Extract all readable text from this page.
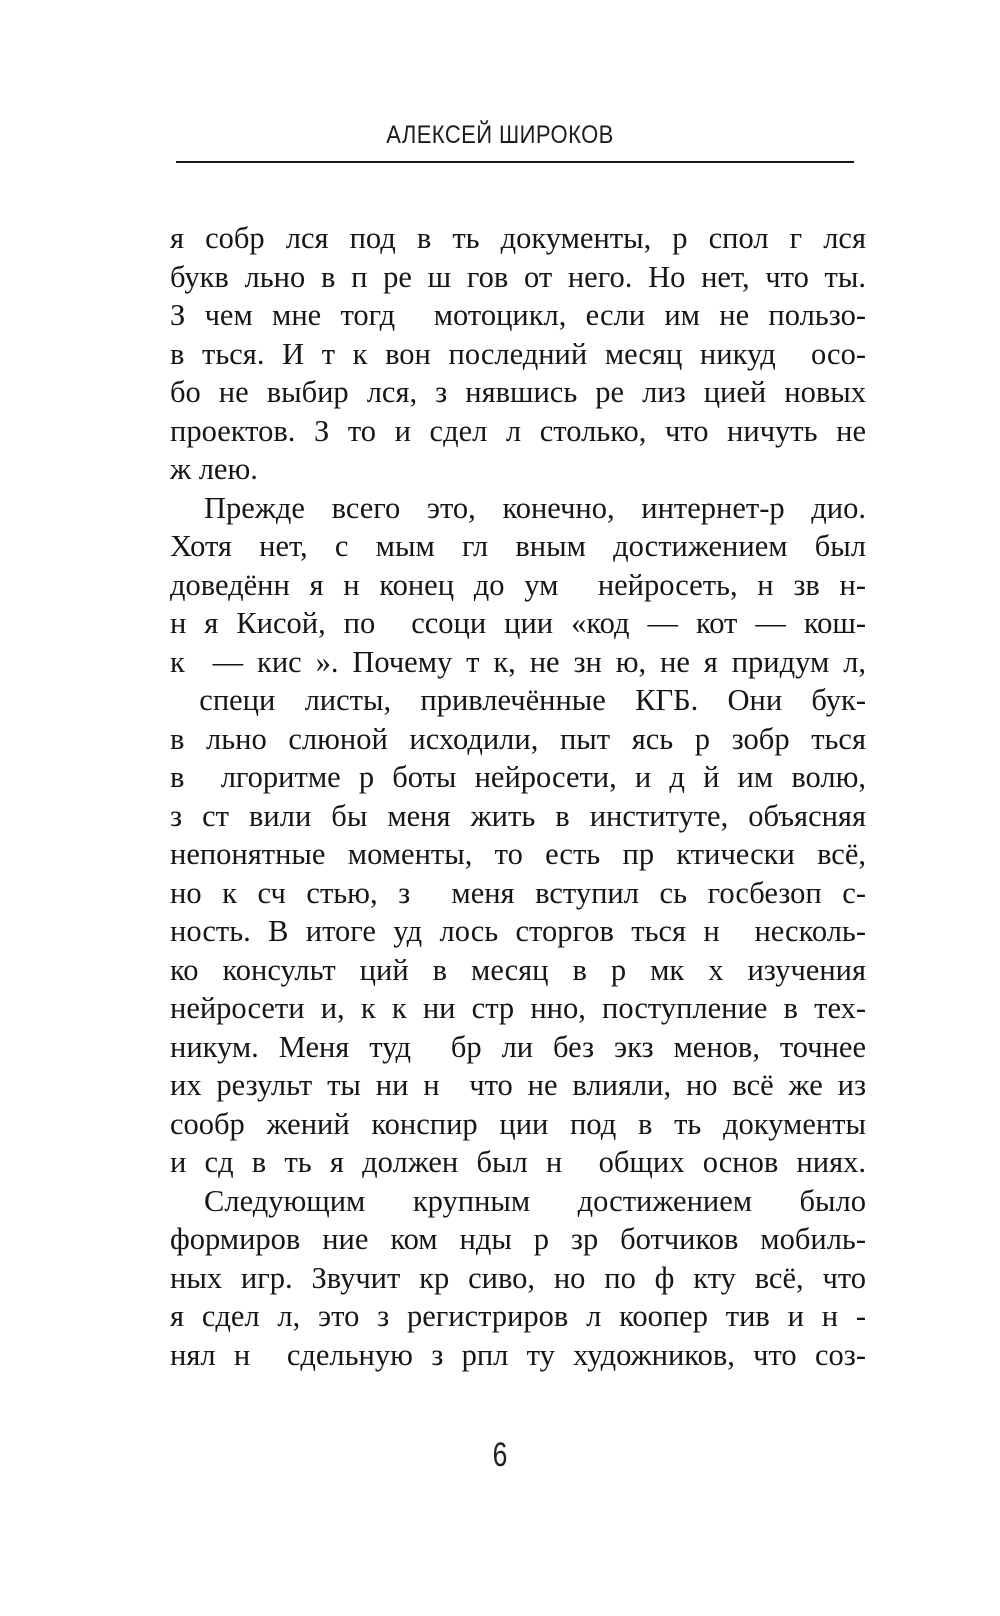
АЛЕКСЕЙ ШИРОКОВ
я собр лся под в ть документы, р спол г лся
букв льно в п ре ш гов от него. Но нет, что ты.
З чем мне тогд  мотоцикл, если им не пользо-
в ться. И т к вон последний месяц никуд  осо-
бо не выбир лся, з нявшись ре лиз цией новых
проектов. З то и сдел л столько, что ничуть не
ж лею.
Прежде всего это, конечно, интернет-р дио.
Хотя нет, с мым гл вным достижением был
доведённ я н конец до ум  нейросеть, н зв н-
н я Кисой, по  ссоци ции «код — кот — кош-
к  — кис ». Почему т к, не зн ю, не я придум л,
специ листы, привлечённые КГБ. Они бук-
в льно слюной исходили, пыт ясь р зобр ться
в  лгоритме р боты нейросети, и д й им волю,
з ст вили бы меня жить в институте, объясняя
непонятные моменты, то есть пр ктически всё,
но к сч стью, з  меня вступил сь госбезоп с-
ность. В итоге уд лось сторгов ться н  несколь-
ко консульт ций в месяц в р мк х изучения
нейросети и, к к ни стр нно, поступление в тех-
никум. Меня туд  бр ли без экз менов, точнее
их результ ты ни н  что не влияли, но всё же из
сообр жений конспир ции под в ть документы
и сд в ть я должен был н  общих основ ниях.
Следующим крупным достижением было
формиров ние ком нды р зр ботчиков мобиль-
ных игр. Звучит кр сиво, но по ф кту всё, что
я сдел л, это з регистриров л коопер тив и н -
нял н  сдельную з рпл ту художников, что соз-
6
